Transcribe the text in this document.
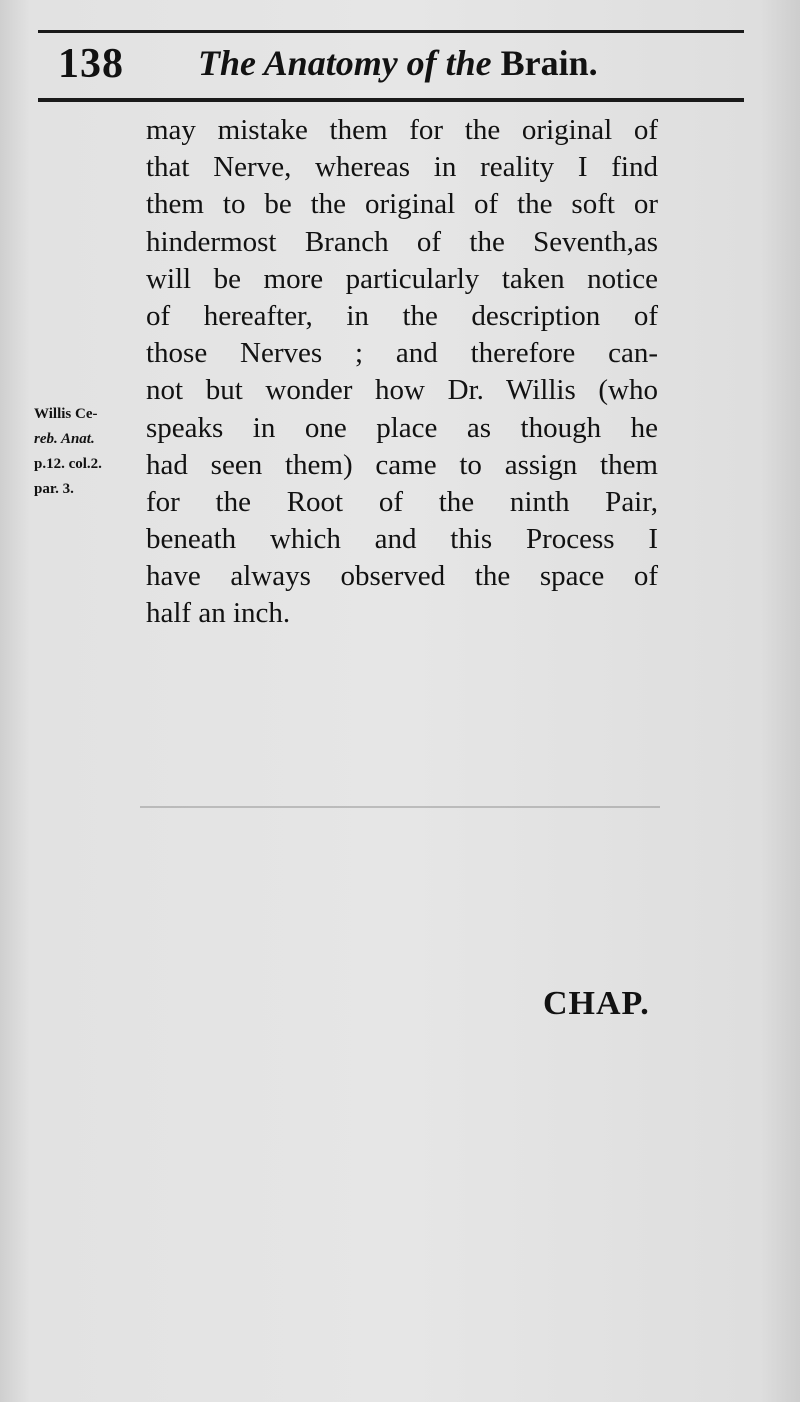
138 The Anatomy of the Brain.
may mistake them for the original of
that Nerve, whereas in reality I find
them to be the original of the soft or
hindermost Branch of the Seventh,as
will be more particularly taken notice
of hereafter, in the description of
those Nerves ; and therefore can-
not but wonder how Dr. Willis (who
speaks in one place as though he
had seen them) came to assign them
for the Root of the ninth Pair,
beneath which and this Process I
have always observed the space of
half an inch.
Willis Ce-
reb. Anat.
p.12. col.2.
par. 3.
CHAP.
